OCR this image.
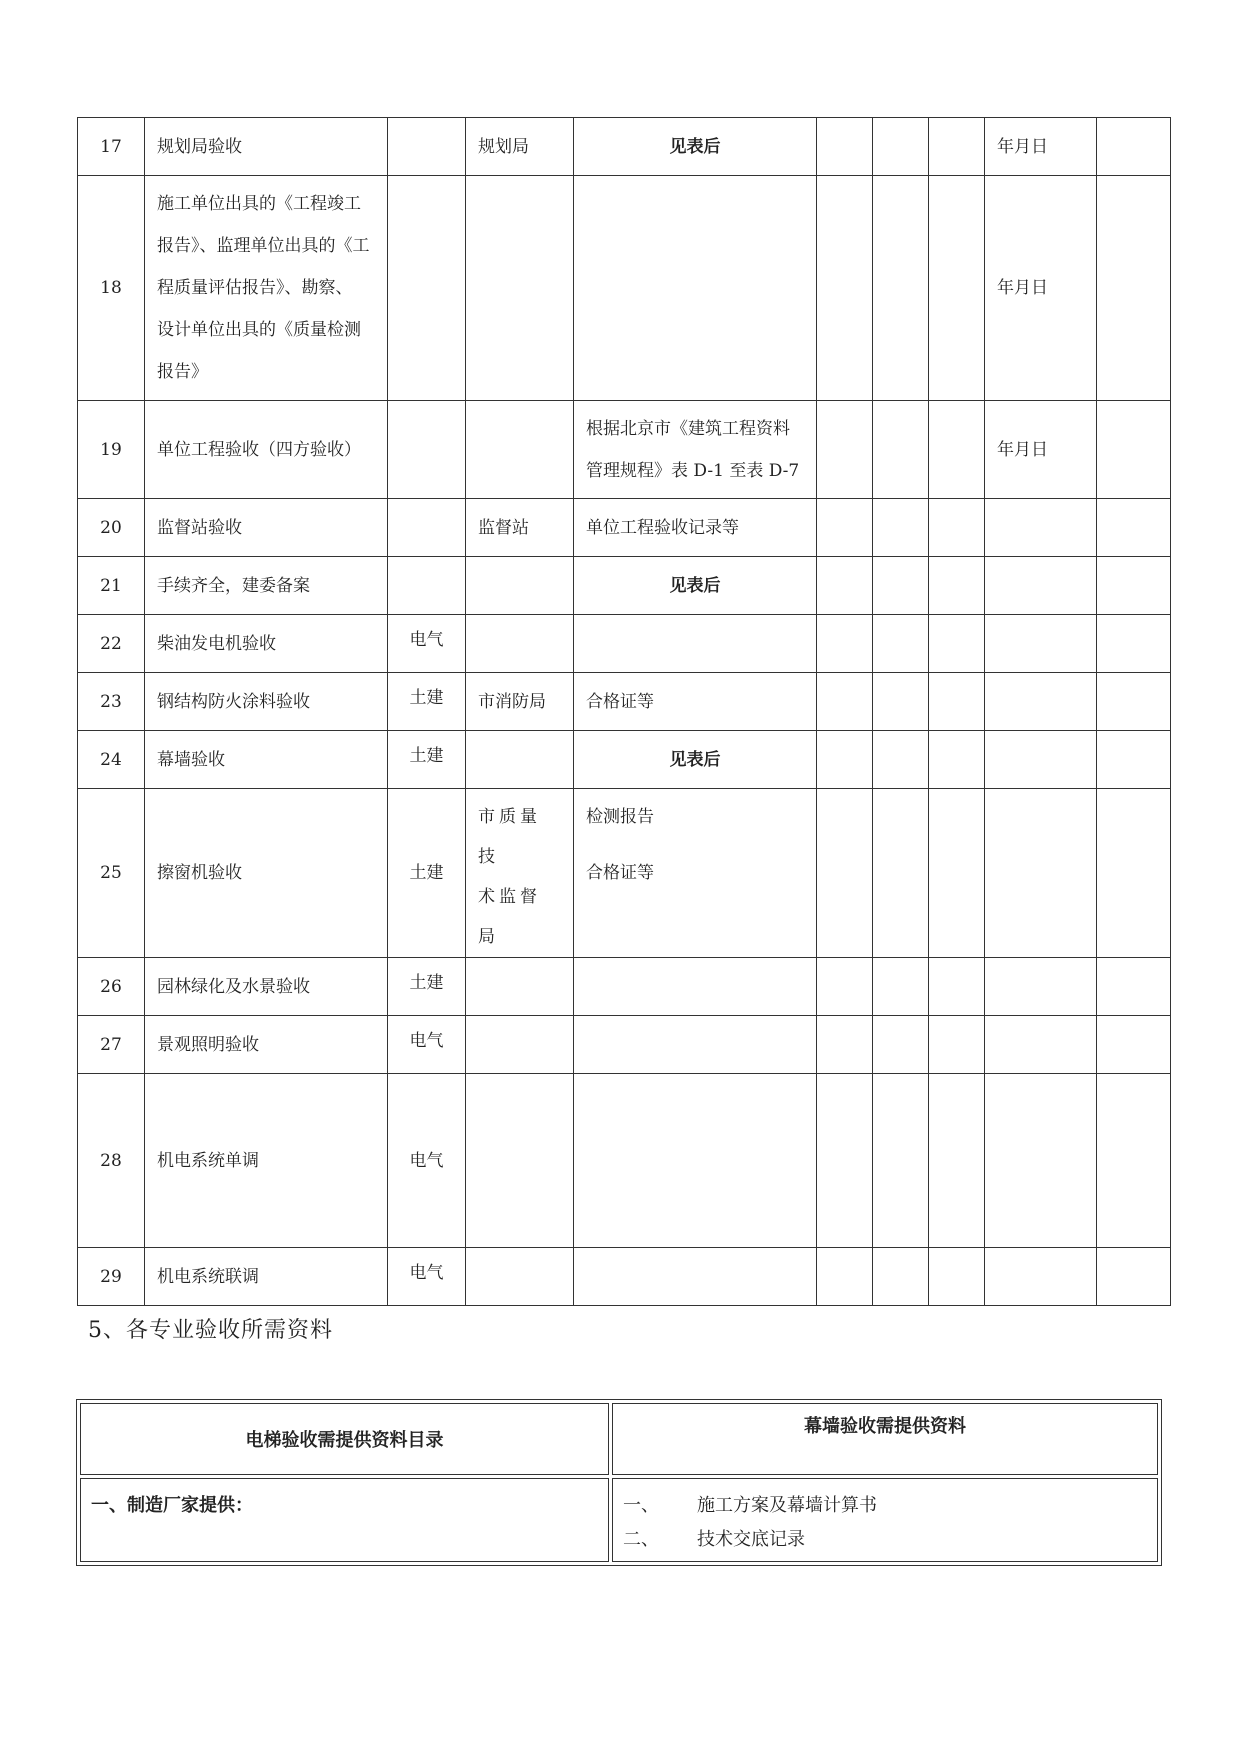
17	规划局验收		规划局	见表后				年月日	
18	施工单位出具的《工程竣工
报告》、监理单位出具的《工
程质量评估报告》、勘察、
设计单位出具的《质量检测
报告》							年月日	
19	单位工程验收（四方验收）			根据北京市《建筑工程资料
管理规程》表 D-1 至表 D-7				年月日	
20	监督站验收		监督站	单位工程验收记录等					
21	手续齐全，建委备案			见表后					
22	柴油发电机验收	电气							
23	钢结构防火涂料验收	土建	市消防局	合格证等					
24	幕墙验收	土建		见表后					
25	擦窗机验收	土建	市质量技
术监督局	检测报告
合格证等					

26	园林绿化及水景验收	土建							
27	景观照明验收	电气							
28	机电系统单调	电气							
29	机电系统联调	电气							
5、各专业验收所需资料
电梯验收需提供资料目录	幕墙验收需提供资料
一、制造厂家提供：	一、 施工方案及幕墙计算书
二、 技术交底记录
